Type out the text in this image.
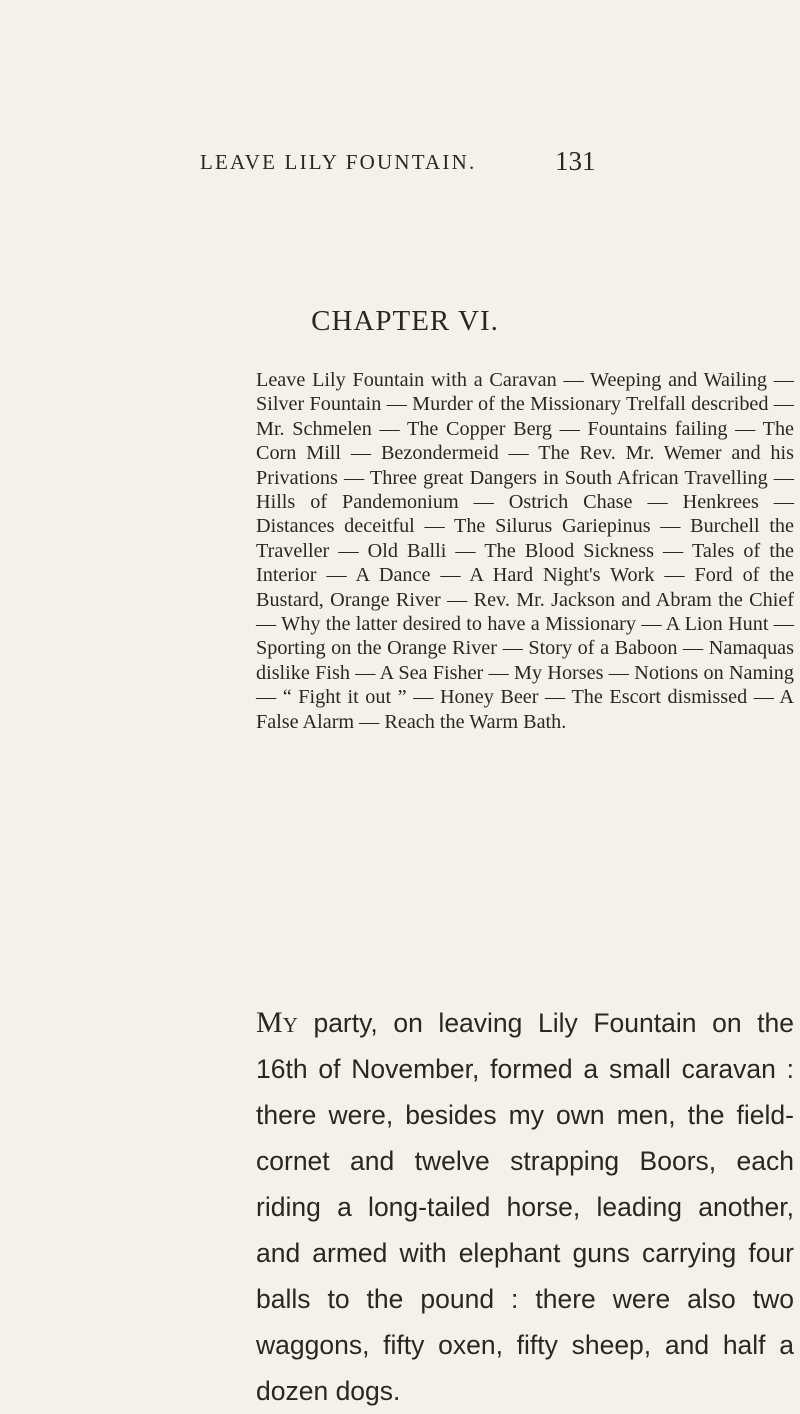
LEAVE LILY FOUNTAIN.	131
CHAPTER VI.

Leave Lily Fountain with a Caravan — Weeping and Wailing — Silver Fountain — Murder of the Missionary Trelfall described — Mr. Schmelen — The Copper Berg — Fountains failing — The Corn Mill — Bezondermeid — The Rev. Mr. Wemer and his Privations — Three great Dangers in South African Travelling — Hills of Pandemonium — Ostrich Chase — Henkrees — Distances deceitful — The Silurus Gariepinus — Burchell the Traveller — Old Balli — The Blood Sickness — Tales of the Interior — A Dance — A Hard Night's Work — Ford of the Bustard, Orange River — Rev. Mr. Jackson and Abram the Chief — Why the latter desired to have a Missionary — A Lion Hunt — Sporting on the Orange River — Story of a Baboon — Namaquas dislike Fish — A Sea Fisher — My Horses — Notions on Naming — “ Fight it out ” — Honey Beer — The Escort dismissed — A False Alarm — Reach the Warm Bath.

My party, on leaving Lily Fountain on the 16th of November, formed a small caravan : there were, besides my own men, the field-cornet and twelve strapping Boors, each riding a long-tailed horse, leading another, and armed with elephant guns carrying four balls to the pound : there were also two waggons, fifty oxen, fifty sheep, and half a dozen dogs.
